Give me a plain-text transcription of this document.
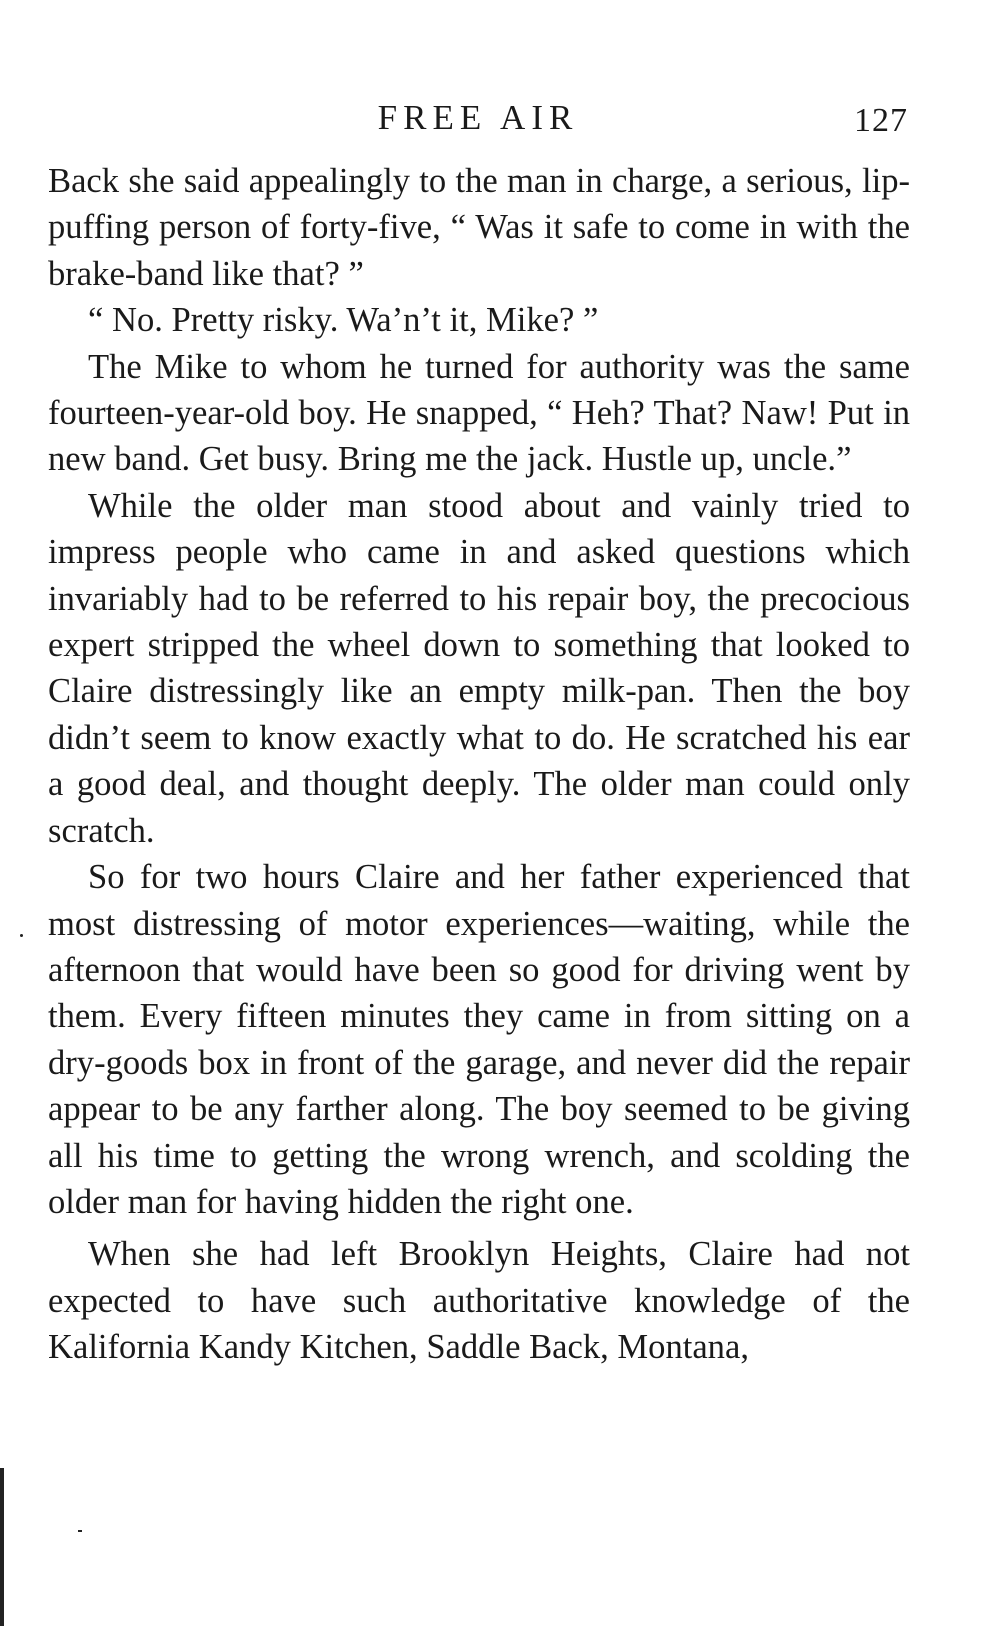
FREE AIR	127

Back she said appealingly to the man in charge, a serious, lip-puffing person of forty-five, “ Was it safe to come in with the brake-band like that? ”

“ No. Pretty risky. Wa’n’t it, Mike? ”

The Mike to whom he turned for authority was the same fourteen-year-old boy. He snapped, “ Heh? That? Naw! Put in new band. Get busy. Bring me the jack. Hustle up, uncle.”

While the older man stood about and vainly tried to impress people who came in and asked questions which invariably had to be referred to his repair boy, the precocious expert stripped the wheel down to something that looked to Claire distressingly like an empty milk-pan. Then the boy didn’t seem to know exactly what to do. He scratched his ear a good deal, and thought deeply. The older man could only scratch.

So for two hours Claire and her father experienced that most distressing of motor experiences—waiting, while the afternoon that would have been so good for driving went by them. Every fifteen minutes they came in from sitting on a dry-goods box in front of the garage, and never did the repair appear to be any farther along. The boy seemed to be giving all his time to getting the wrong wrench, and scolding the older man for having hidden the right one.

When she had left Brooklyn Heights, Claire had not expected to have such authoritative knowledge of the Kalifornia Kandy Kitchen, Saddle Back, Montana,
